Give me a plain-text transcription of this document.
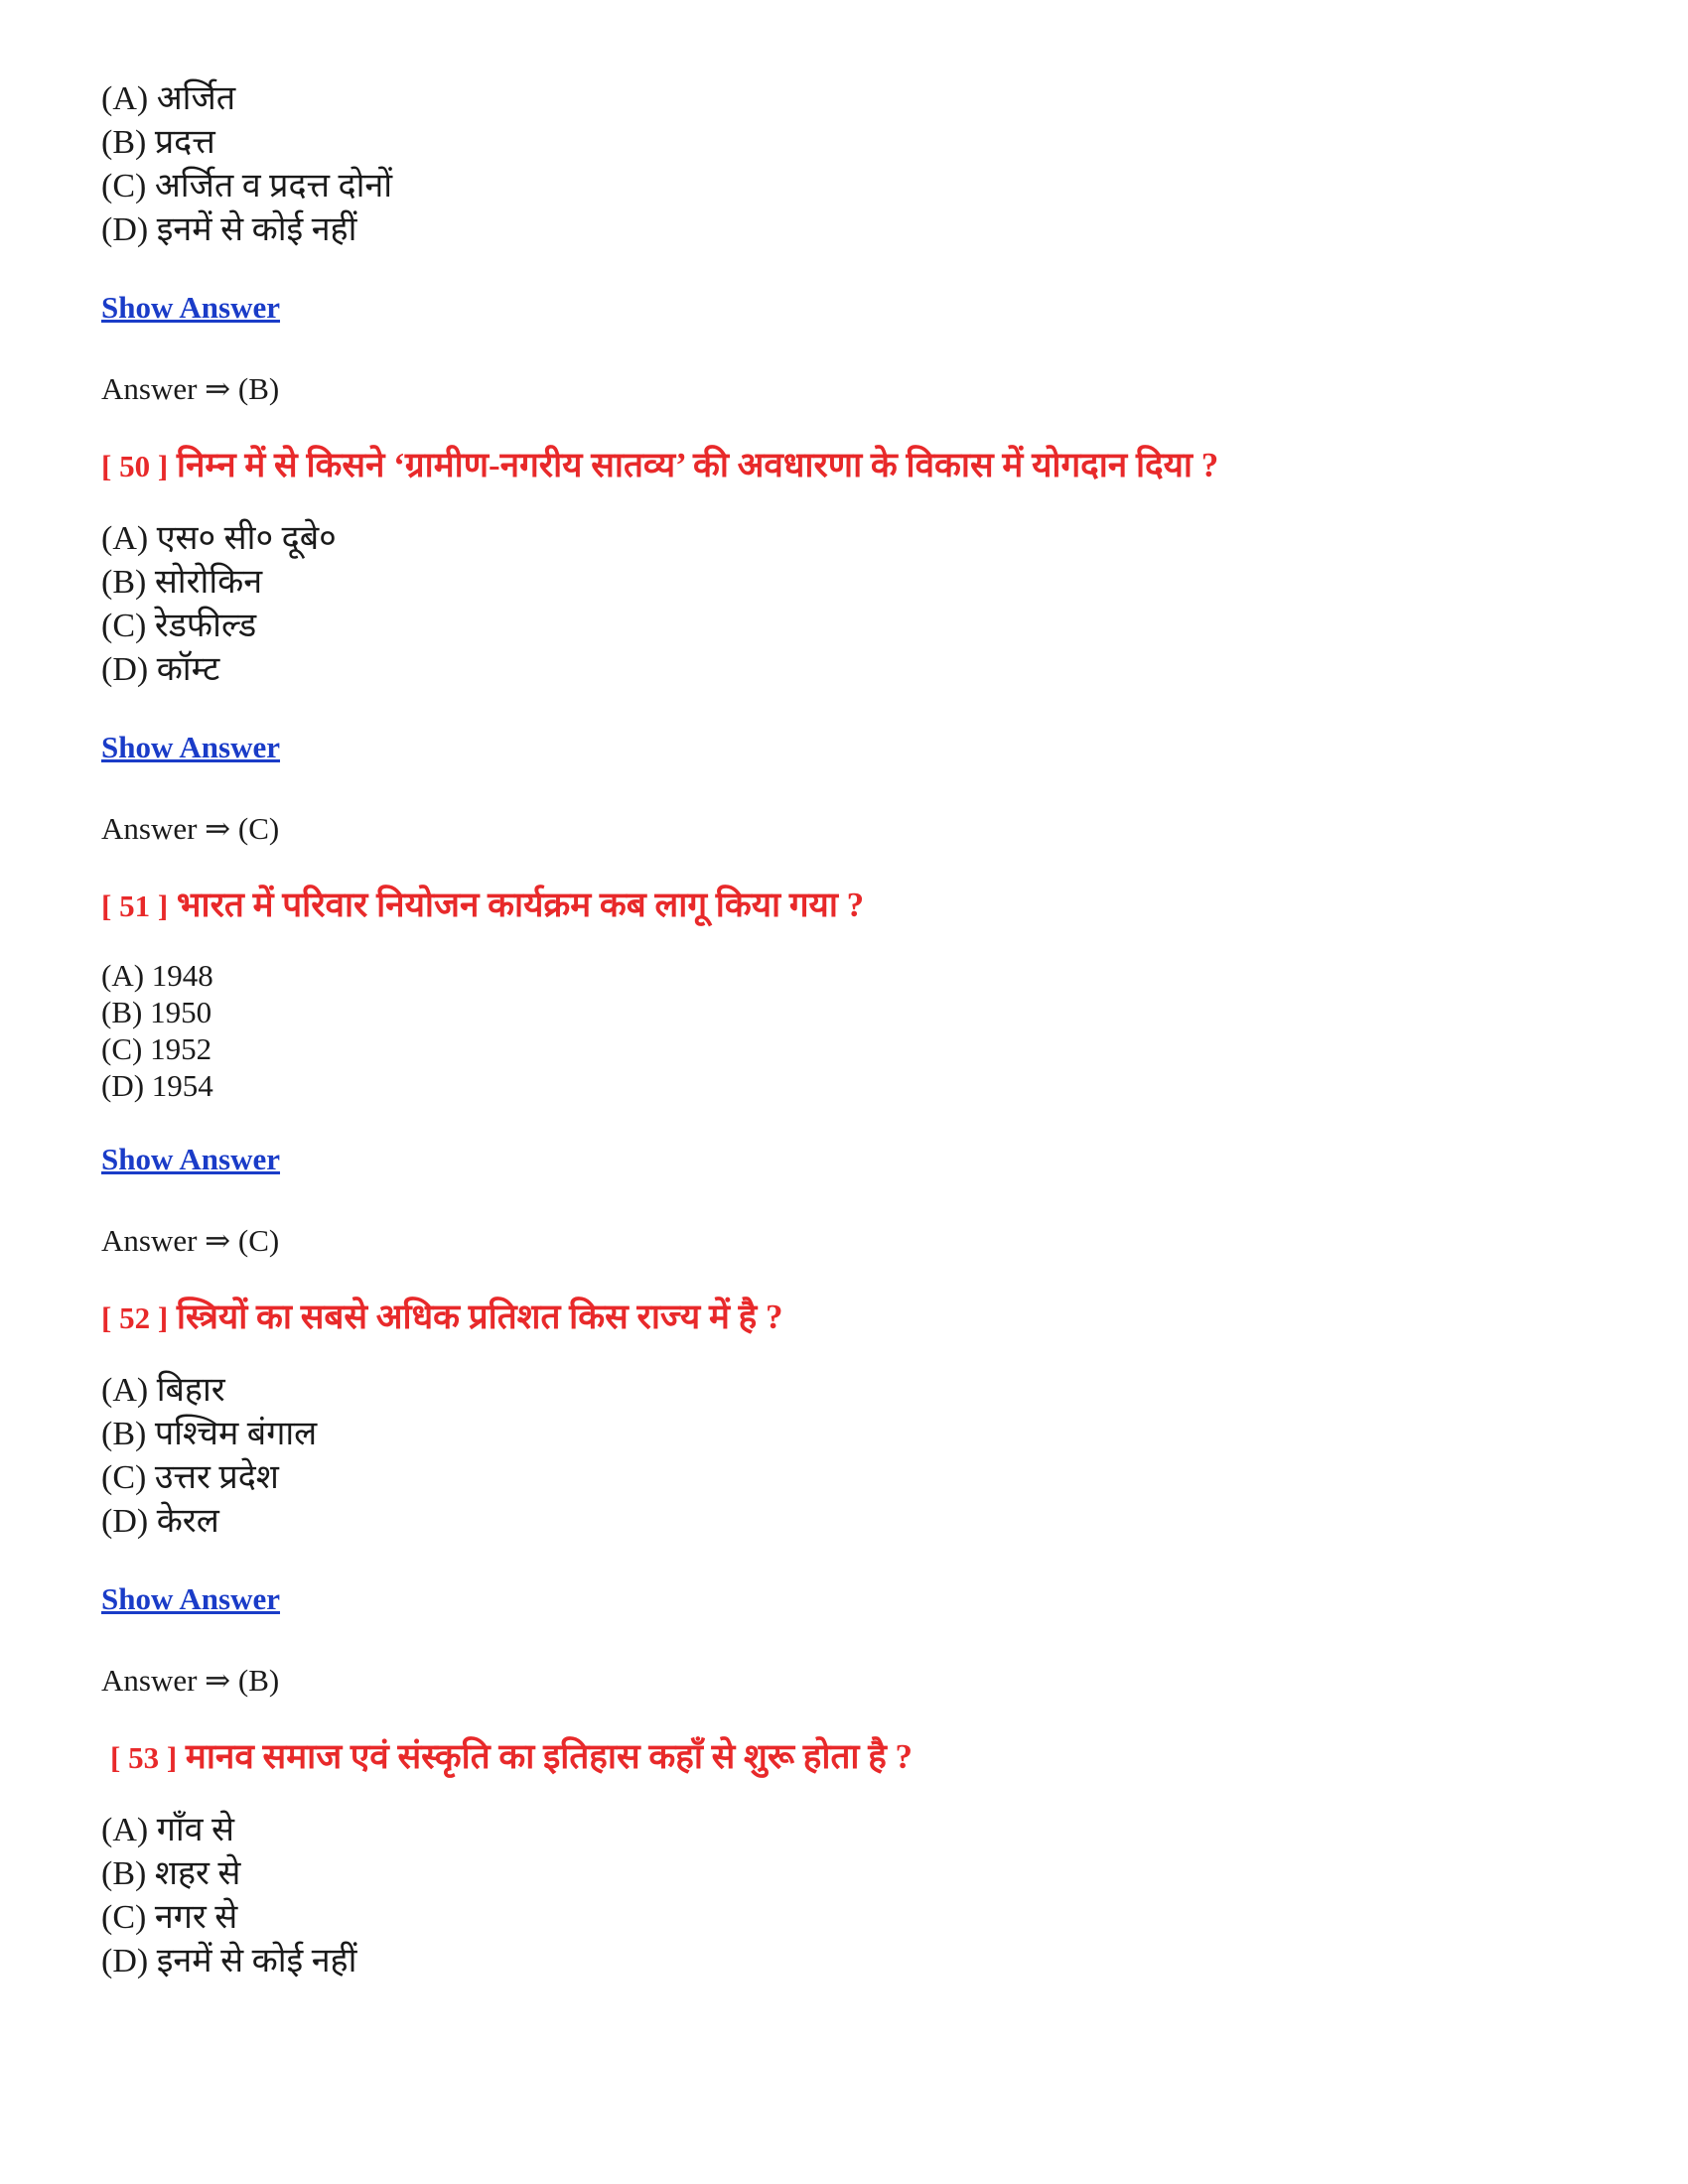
(A) अर्जित
(B) प्रदत्त
(C) अर्जित व प्रदत्त दोनों
(D) इनमें से कोई नहीं
Show Answer
Answer ⇒ (B)
[ 50 ] निम्न में से किसने ‘ग्रामीण-नगरीय सातव्य’ की अवधारणा के विकास में योगदान दिया ?
(A) एस० सी० दूबे०
(B) सोरोकिन
(C) रेडफील्ड
(D) कॉम्ट
Show Answer
Answer ⇒ (C)
[ 51 ] भारत में परिवार नियोजन कार्यक्रम कब लागू किया गया ?
(A) 1948
(B) 1950
(C) 1952
(D) 1954
Show Answer
Answer ⇒ (C)
[ 52 ] स्त्रियों का सबसे अधिक प्रतिशत किस राज्य में है ?
(A) बिहार
(B) पश्चिम बंगाल
(C) उत्तर प्रदेश
(D) केरल
Show Answer
Answer ⇒ (B)
[ 53 ] मानव समाज एवं संस्कृति का इतिहास कहाँ से शुरू होता है ?
(A) गाँव से
(B) शहर से
(C) नगर से
(D) इनमें से कोई नहीं
